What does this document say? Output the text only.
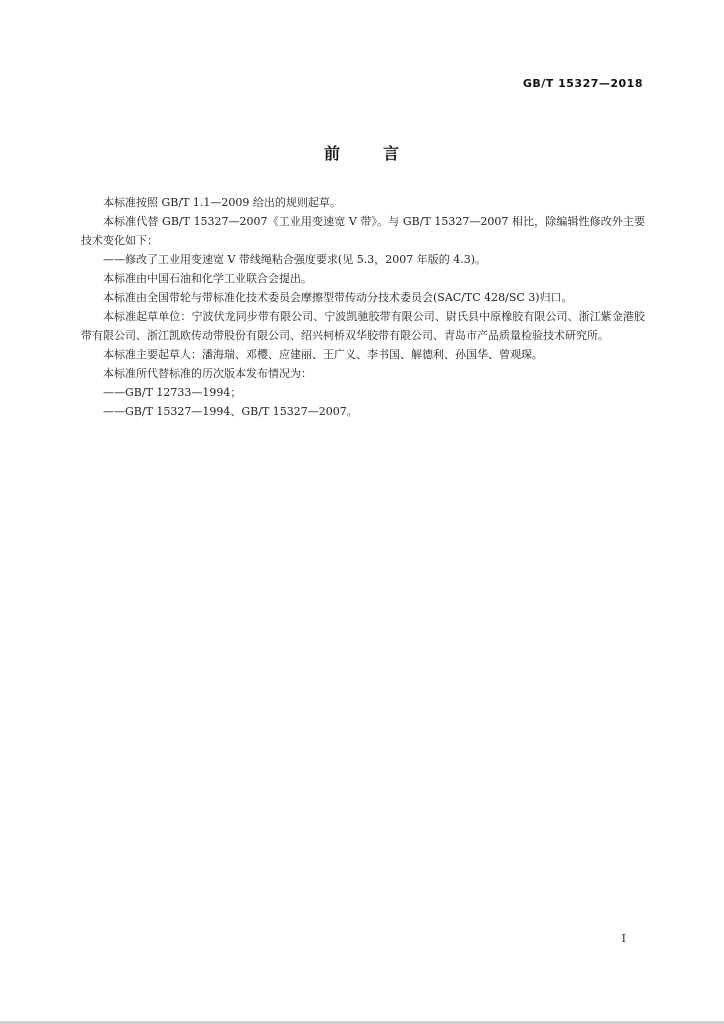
GB/T 15327—2018
前	言

本标准按照 GB/T 1.1—2009 给出的规则起草。

本标准代替 GB/T 15327—2007《工业用变速宽 V 带》。与 GB/T 15327—2007 相比，除编辑性修改外主要技术变化如下：

——修改了工业用变速宽 V 带线绳粘合强度要求(见 5.3，2007 年版的 4.3)。

本标准由中国石油和化学工业联合会提出。

本标准由全国带轮与带标准化技术委员会摩擦型带传动分技术委员会(SAC/TC 428/SC 3)归口。

本标准起草单位：宁波伏龙同步带有限公司、宁波凯驰胶带有限公司、尉氏县中原橡胶有限公司、浙江紫金港胶带有限公司、浙江凯欧传动带股份有限公司、绍兴柯桥双华胶带有限公司、青岛市产品质量检验技术研究所。

本标准主要起草人：潘海瑞、邓樱、应建丽、王广义、李书国、解德利、孙国华、曾观琛。

本标准所代替标准的历次版本发布情况为：

——GB/T 12733—1994；

——GB/T 15327—1994、GB/T 15327—2007。

I
